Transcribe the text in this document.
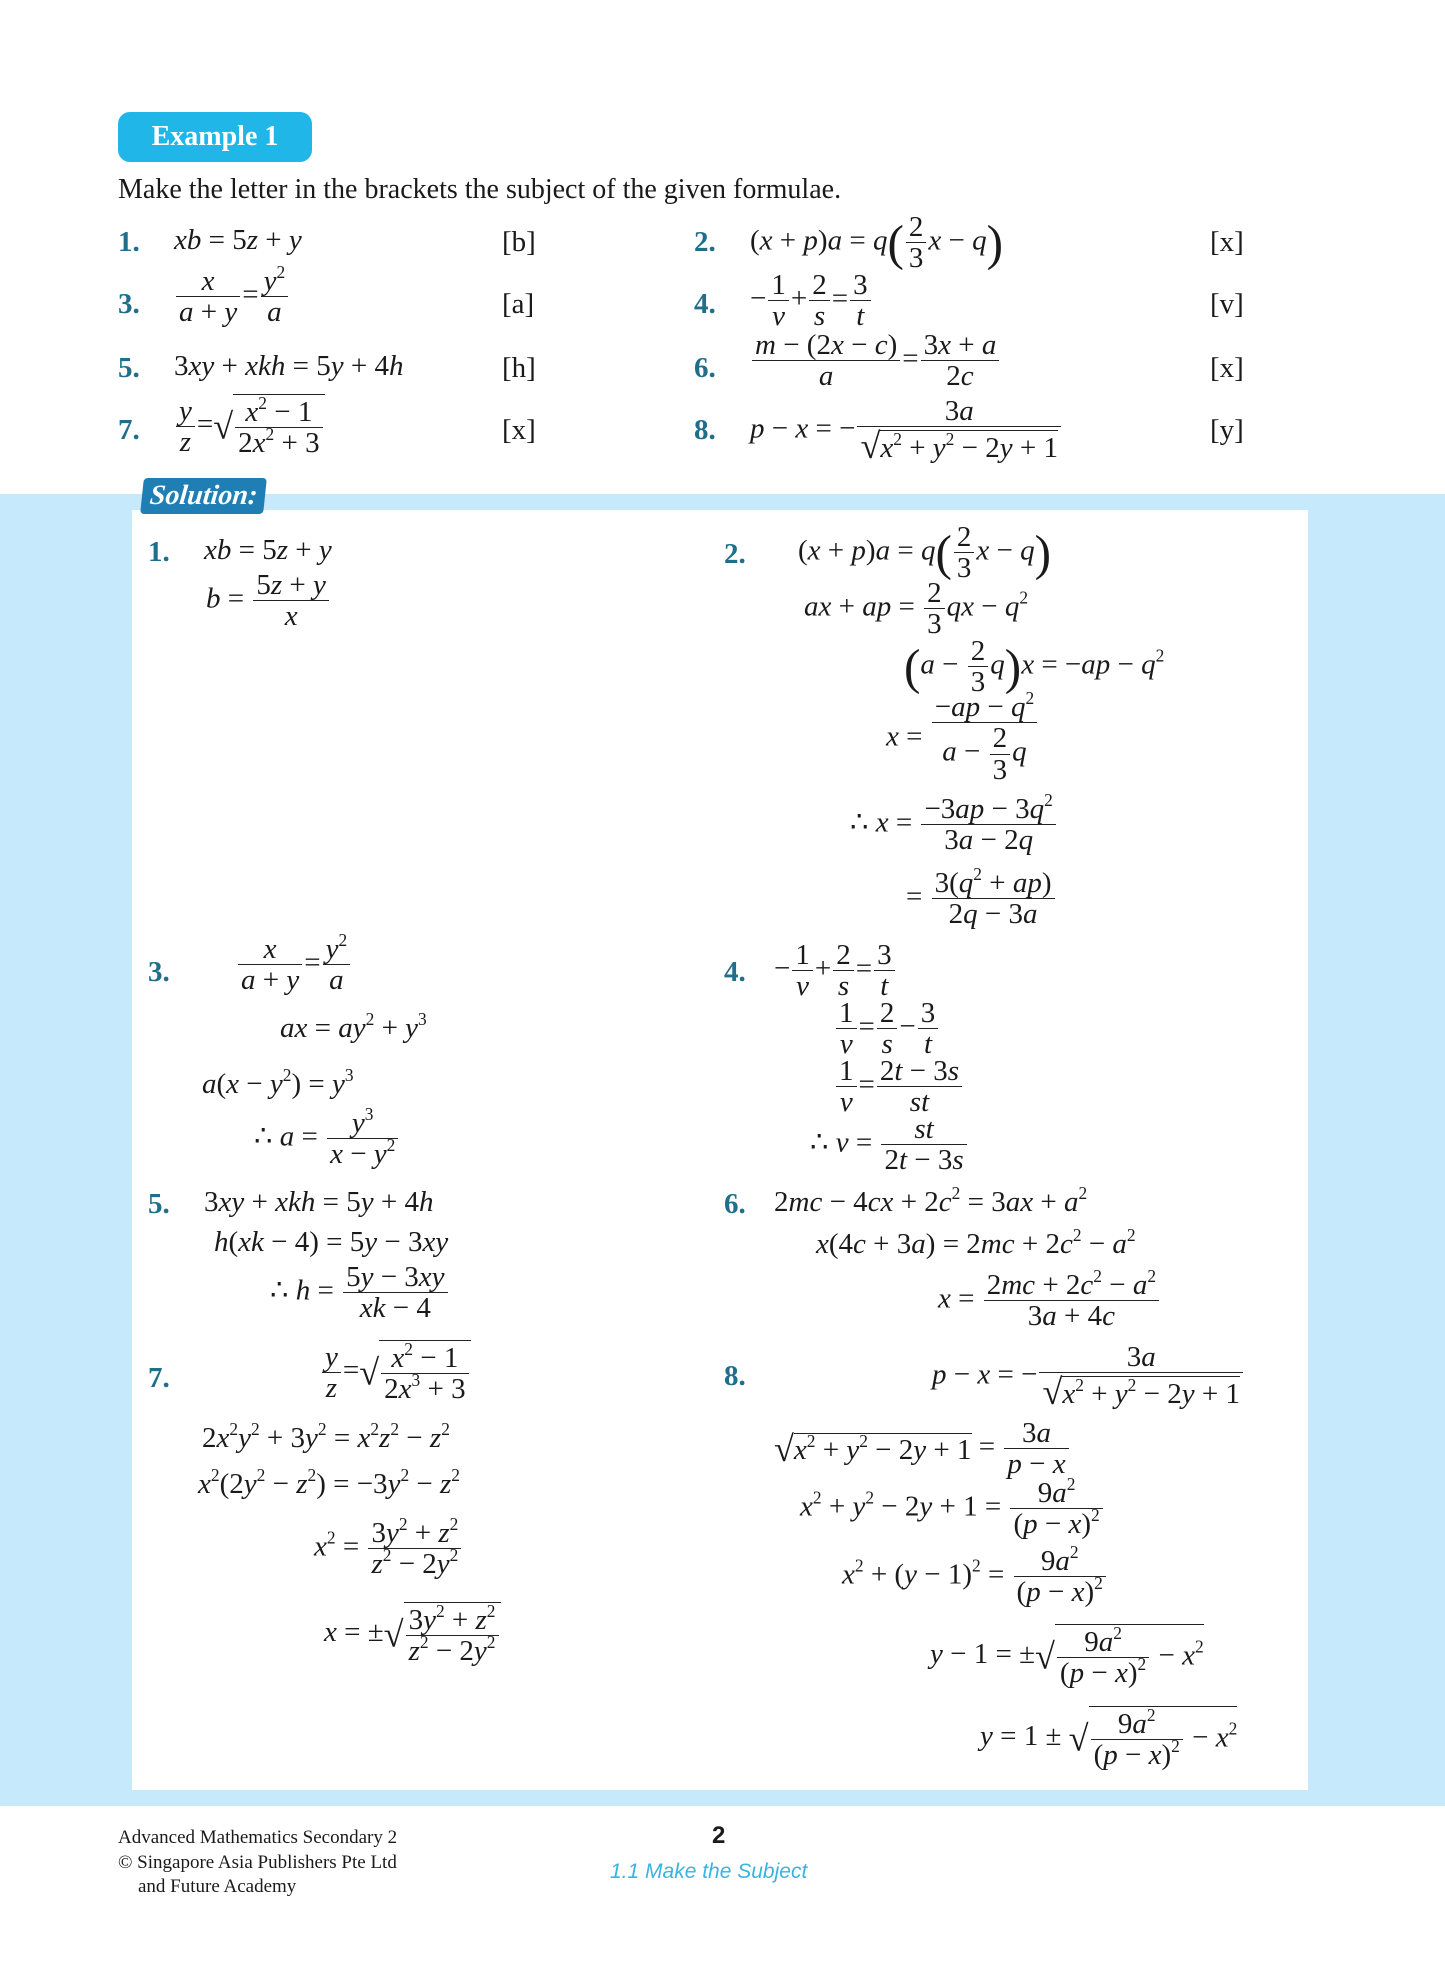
Example 1
Make the letter in the brackets the subject of the given formulae.
1. xb = 5z + y	[b]	2. $(x + p)a = q( \frac{2}{3}$ x − q)	[x]
3. $\frac{x}{a + y} = \frac{y^2}{a}$	[a]	4. − $\frac{1}{v} + \frac{2}{s} = \frac{3}{t}$	[v]
5. 3xy + xkh = 5y + 4h	[h]	6. $\frac{m - (2x - c)}{a} = \frac{3x + a}{2c}$	[x]
7. $\frac{y}{z}$ =√ $\frac{x^2 - 1}{2x^2 + 3}$	[x]	8. p − x = − $\frac{3a}{√x^2 + y^2 - 2y + 1}$	[y]
Solution:
1. xb = 5z + y
$b = \frac{5z + y}{x}$
2. $(x + p)a = q( \frac{2}{3}$ x − q)
ax + ap = $\frac{2}{3}$ qx − $q^2$
$(a - \frac{2}{3} q)x = -ap - q^2$
$x = \frac{-ap - q^2}{a - \frac{2}{3} q}$
∴ $x = \frac{-3ap - 3q^2}{3a - 2q}$
= $\frac{3(q^2 + ap)}{2q - 3a}$
3. $\frac{x}{a + y} = \frac{y^2}{a}$
ax = $ay^2 + y^3$
$a(x - y^2) = y^3$
∴ $a = \frac{y^3}{x - y^2}$
4. − $\frac{1}{v} + \frac{2}{s} = \frac{3}{t}$
$\frac{1}{v} = \frac{2}{s} - \frac{3}{t}$
$\frac{1}{v} = \frac{2t - 3s}{st}$
∴ $v = \frac{st}{2t - 3s}$
5. 3xy + xkh = 5y + 4h
h(xk − 4) = 5y − 3xy
∴ $h = \frac{5y - 3xy}{xk - 4}$
6. $2mc - 4cx + 2c^2 = 3ax + a^2$
$x(4c + 3a) = 2mc + 2c^2 - a^2$
$x = \frac{2mc + 2c^2 - a^2}{3a + 4c}$
7.	$\frac{y}{z}$ =√ $\frac{x^2 - 1}{2x^3 + 3}$
$2x^2y^2 + 3y^2 = x^2z^2 - z^2$
$x^2(2y^2 - z^2) = -3y^2 - z^2$
$x^2 = \frac{3y^2 + z^2}{z^2 - 2y^2}$
x = ±√ $\frac{3y^2 + z^2}{z^2 - 2y^2}$
8.	p − x = − $\frac{3a}{√x^2 + y^2 - 2y + 1}$
$√x^2 + y^2 - 2y + 1 = \frac{3a}{p - x}$
$x^2 + y^2 - 2y + 1 = \frac{9a^2}{(p - x)^2}$
$x^2 + (y - 1)^2 = \frac{9a^2}{(p - x)^2}$
y − 1 = ±√ $\frac{9a^2}{(p - x)^2} - x^2$
y = 1 ± √ $\frac{9a^2}{(p - x)^2} - x^2$
Advanced Mathematics Secondary 2
© Singapore Asia Publishers Pte Ltd
and Future Academy
2
1.1 Make the Subject
